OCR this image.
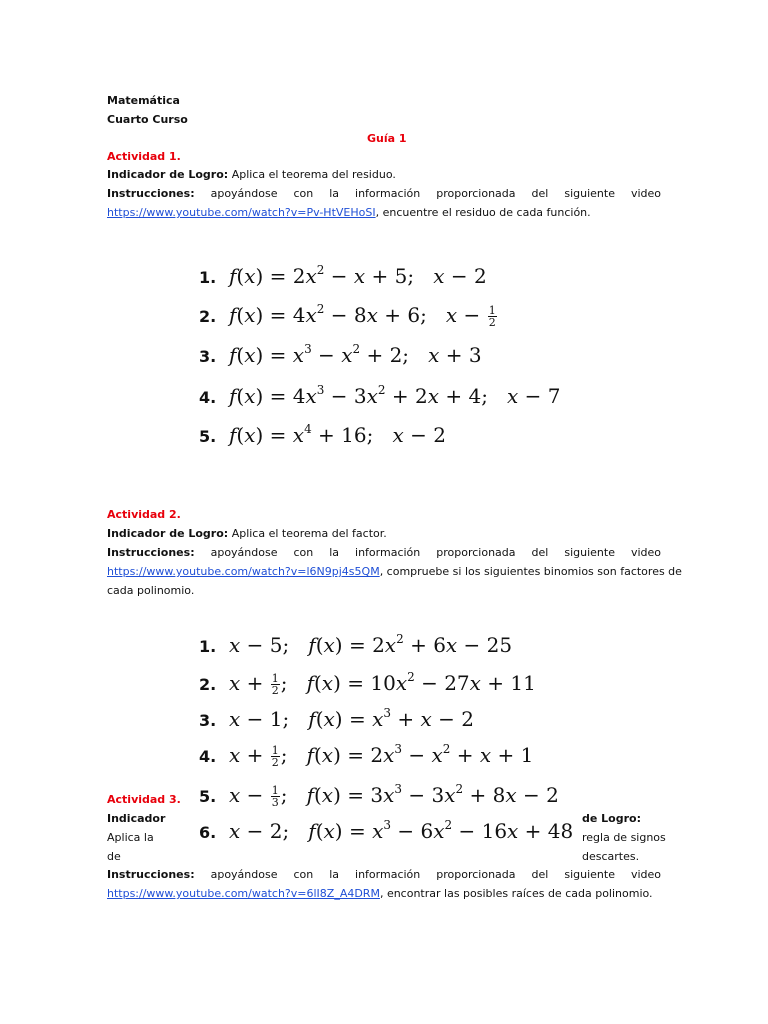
Matemática
Cuarto Curso
Guía 1
Actividad 1.
Indicador de Logro: Aplica el teorema del residuo.
Instrucciones: apoyándose con la información proporcionada del siguiente video
https://www.youtube.com/watch?v=Pv-HtVEHoSI, encuentre el residuo de cada función.
1. $f(x) = 2x^2 - x + 5$;   x − 2
2. $f(x) = 4x^2 - 8x + 6$;   $x - \frac{1}{2}$
3. $f(x) = x^3 - x^2 + 2$;   x + 3
4. $f(x) = 4x^3 - 3x^2 + 2x + 4$;   x − 7
5. $f(x) = x^4 + 16$;   x − 2
Actividad 2.
Indicador de Logro: Aplica el teorema del factor.
Instrucciones: apoyándose con la información proporcionada del siguiente video
https://www.youtube.com/watch?v=l6N9pj4s5QM, compruebe si los siguientes binomios son factores de
cada polinomio.
1. x − 5;   $f(x) = 2x^2 + 6x - 25$
2. $x + \frac{1}{2}$ ;   $f(x) = 10x^2 - 27x + 11$
3. x − 1;   $f(x) = x^3 + x - 2$
4. $x + \frac{1}{2}$ ;   $f(x) = 2x^3 - x^2 + x + 1$
5. $x - \frac{1}{3}$ ;   $f(x) = 3x^3 - 3x^2 + 8x - 2$
6. x − 2;   $f(x) = x^3 - 6x^2 - 16x + 48$
Actividad 3.
Indicador	de Logro:
Aplica la	regla de signos
de	descartes.
Instrucciones: apoyándose con la información proporcionada del siguiente video
https://www.youtube.com/watch?v=6lI8Z_A4DRM, encontrar las posibles raíces de cada polinomio.
